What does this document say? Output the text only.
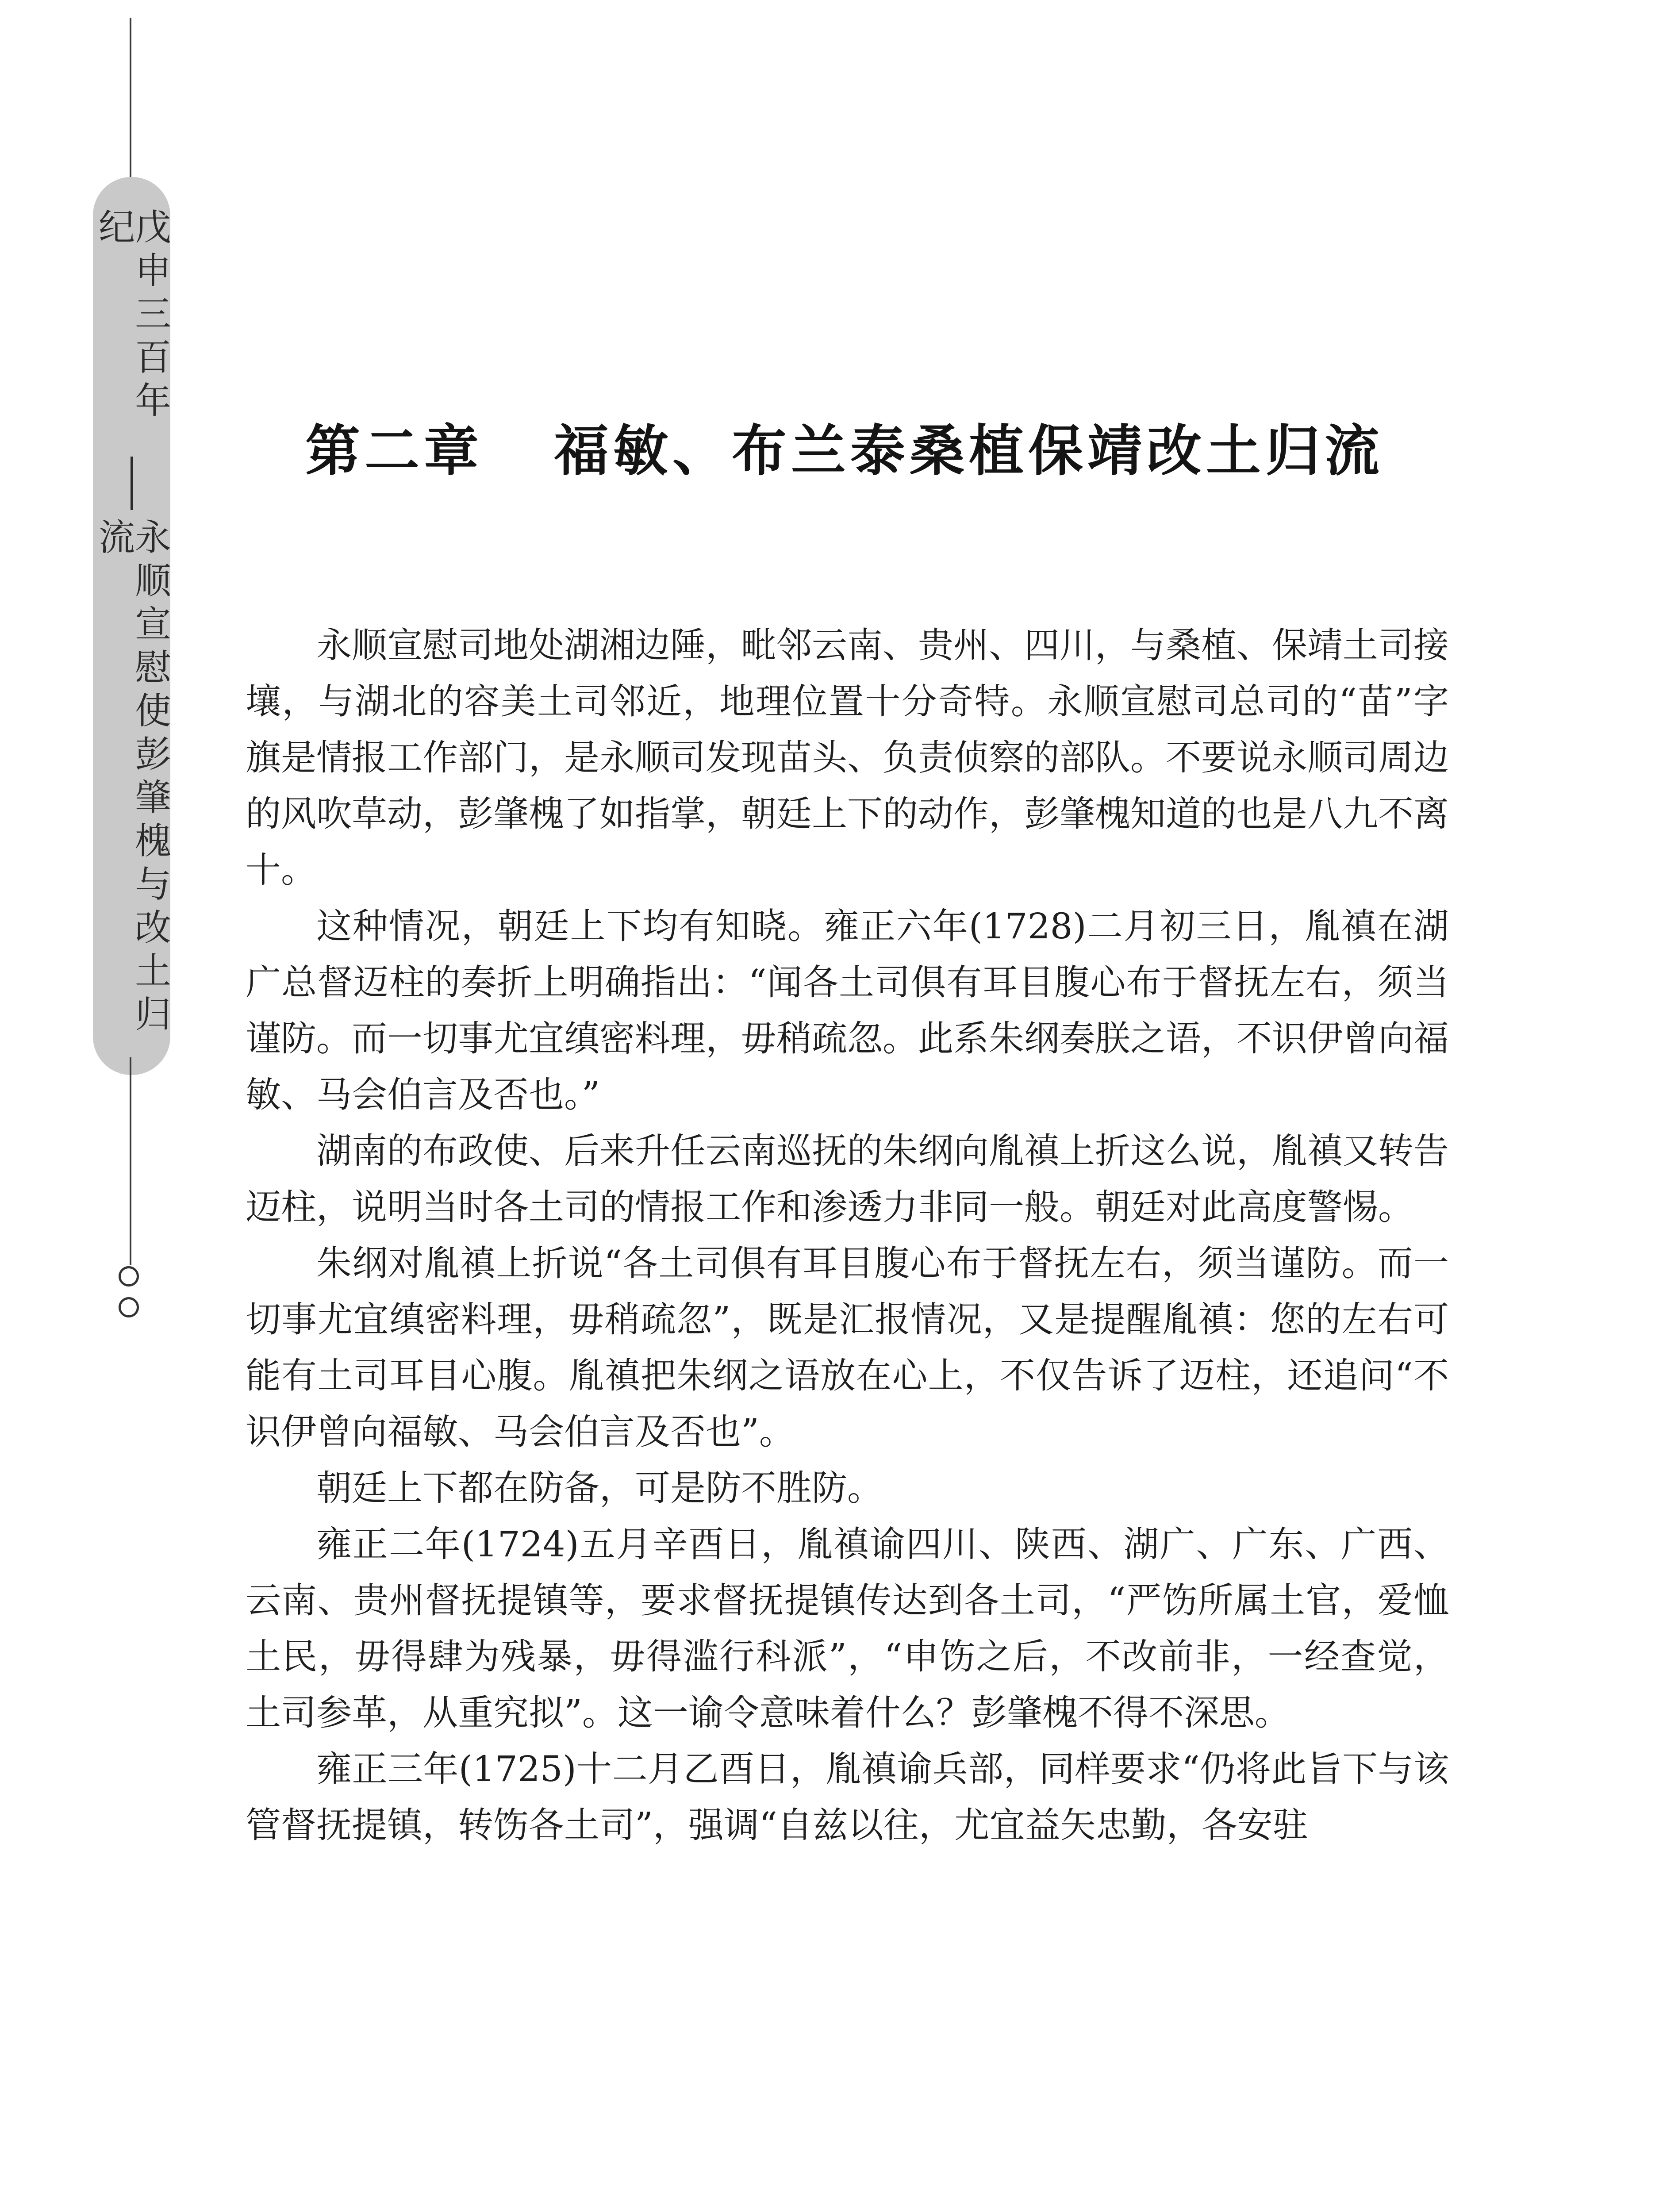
戊申三百年纪
永顺宣慰使彭肇槐与改土归流
第二章 福敏、布兰泰桑植保靖改土归流

永顺宣慰司地处湖湘边陲，毗邻云南、贵州、四川，与桑植、保靖土司接壤，与湖北的容美土司邻近，地理位置十分奇特。永顺宣慰司总司的“苗”字旗是情报工作部门，是永顺司发现苗头、负责侦察的部队。不要说永顺司周边的风吹草动，彭肇槐了如指掌，朝廷上下的动作，彭肇槐知道的也是八九不离十。

这种情况，朝廷上下均有知晓。雍正六年(1728)二月初三日，胤禛在湖广总督迈柱的奏折上明确指出：“闻各土司俱有耳目腹心布于督抚左右，须当谨防。而一切事尤宜缜密料理，毋稍疏忽。此系朱纲奏朕之语，不识伊曾向福敏、马会伯言及否也。”

湖南的布政使、后来升任云南巡抚的朱纲向胤禛上折这么说，胤禛又转告迈柱，说明当时各土司的情报工作和渗透力非同一般。朝廷对此高度警惕。

朱纲对胤禛上折说“各土司俱有耳目腹心布于督抚左右，须当谨防。而一切事尤宜缜密料理，毋稍疏忽”，既是汇报情况，又是提醒胤禛：您的左右可能有土司耳目心腹。胤禛把朱纲之语放在心上，不仅告诉了迈柱，还追问“不识伊曾向福敏、马会伯言及否也”。

朝廷上下都在防备，可是防不胜防。

雍正二年(1724)五月辛酉日，胤禛谕四川、陕西、湖广、广东、广西、云南、贵州督抚提镇等，要求督抚提镇传达到各土司，“严饬所属土官，爱恤土民，毋得肆为残暴，毋得滥行科派”，“申饬之后，不改前非，一经查觉，土司参革，从重究拟”。这一谕令意味着什么？彭肇槐不得不深思。

雍正三年(1725)十二月乙酉日，胤禛谕兵部，同样要求“仍将此旨下与该管督抚提镇，转饬各土司”，强调“自兹以往，尤宜益矢忠勤，各安驻
